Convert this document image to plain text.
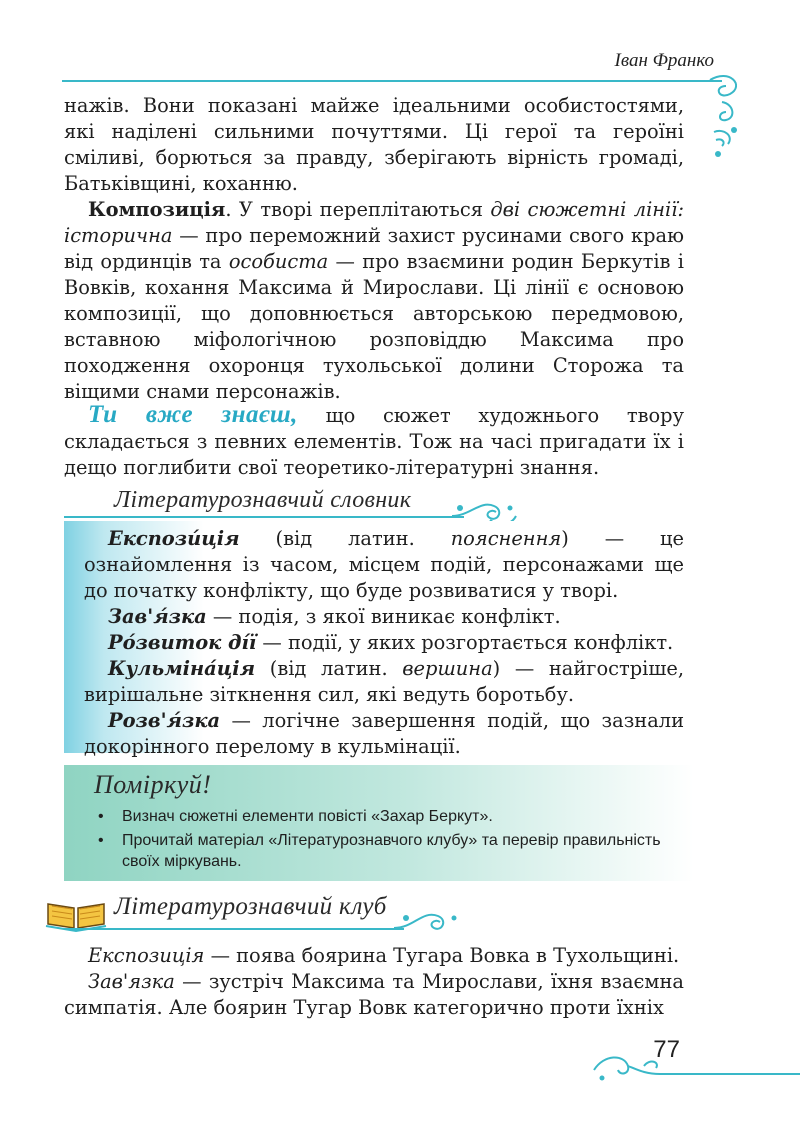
Іван Франко

нажів. Вони показані майже ідеальними особистостями, які наділені сильними почуттями. Ці герої та героїні сміливі, борються за правду, зберігають вірність громаді, Батьківщині, коханню.

Композиція. У творі переплітаються дві сюжетні лінії: історична — про переможний захист русинами свого краю від ординців та особиста — про взаємини родин Беркутів і Вовків, кохання Максима й Мирослави. Ці лінії є основою композиції, що доповнюється авторською передмовою, вставною міфологічною розповіддю Максима про походження охоронця тухольської долини Сторожа та віщими снами персонажів.

Ти вже знаєш, що сюжет художнього твору складається з певних елементів. Тож на часі пригадати їх і дещо поглибити свої теоретико-літературні знання.

Літературознавчий словник

Експози́ція (від латин. пояснення) — це ознайомлення із часом, місцем подій, персонажами ще до початку конфлікту, що буде розвиватися у творі.

Зав'я́зка — подія, з якої виникає конфлікт.

Ро́звиток ді́ї — події, у яких розгортається конфлікт.

Кульміна́ція (від латин. вершина) — найгостріше, вирішальне зіткнення сил, які ведуть боротьбу.

Розв'я́зка — логічне завершення подій, що зазнали докорінного перелому в кульмінації.

Поміркуй!
• Визнач сюжетні елементи повісті «Захар Беркут».
• Прочитай матеріал «Літературознавчого клубу» та перевір правильність своїх міркувань.
Літературознавчий клуб

Експозиція — поява боярина Тугара Вовка в Тухольщині.

Зав'язка — зустріч Максима та Мирослави, їхня взаємна симпатія. Але боярин Тугар Вовк категорично проти їхніх

77
